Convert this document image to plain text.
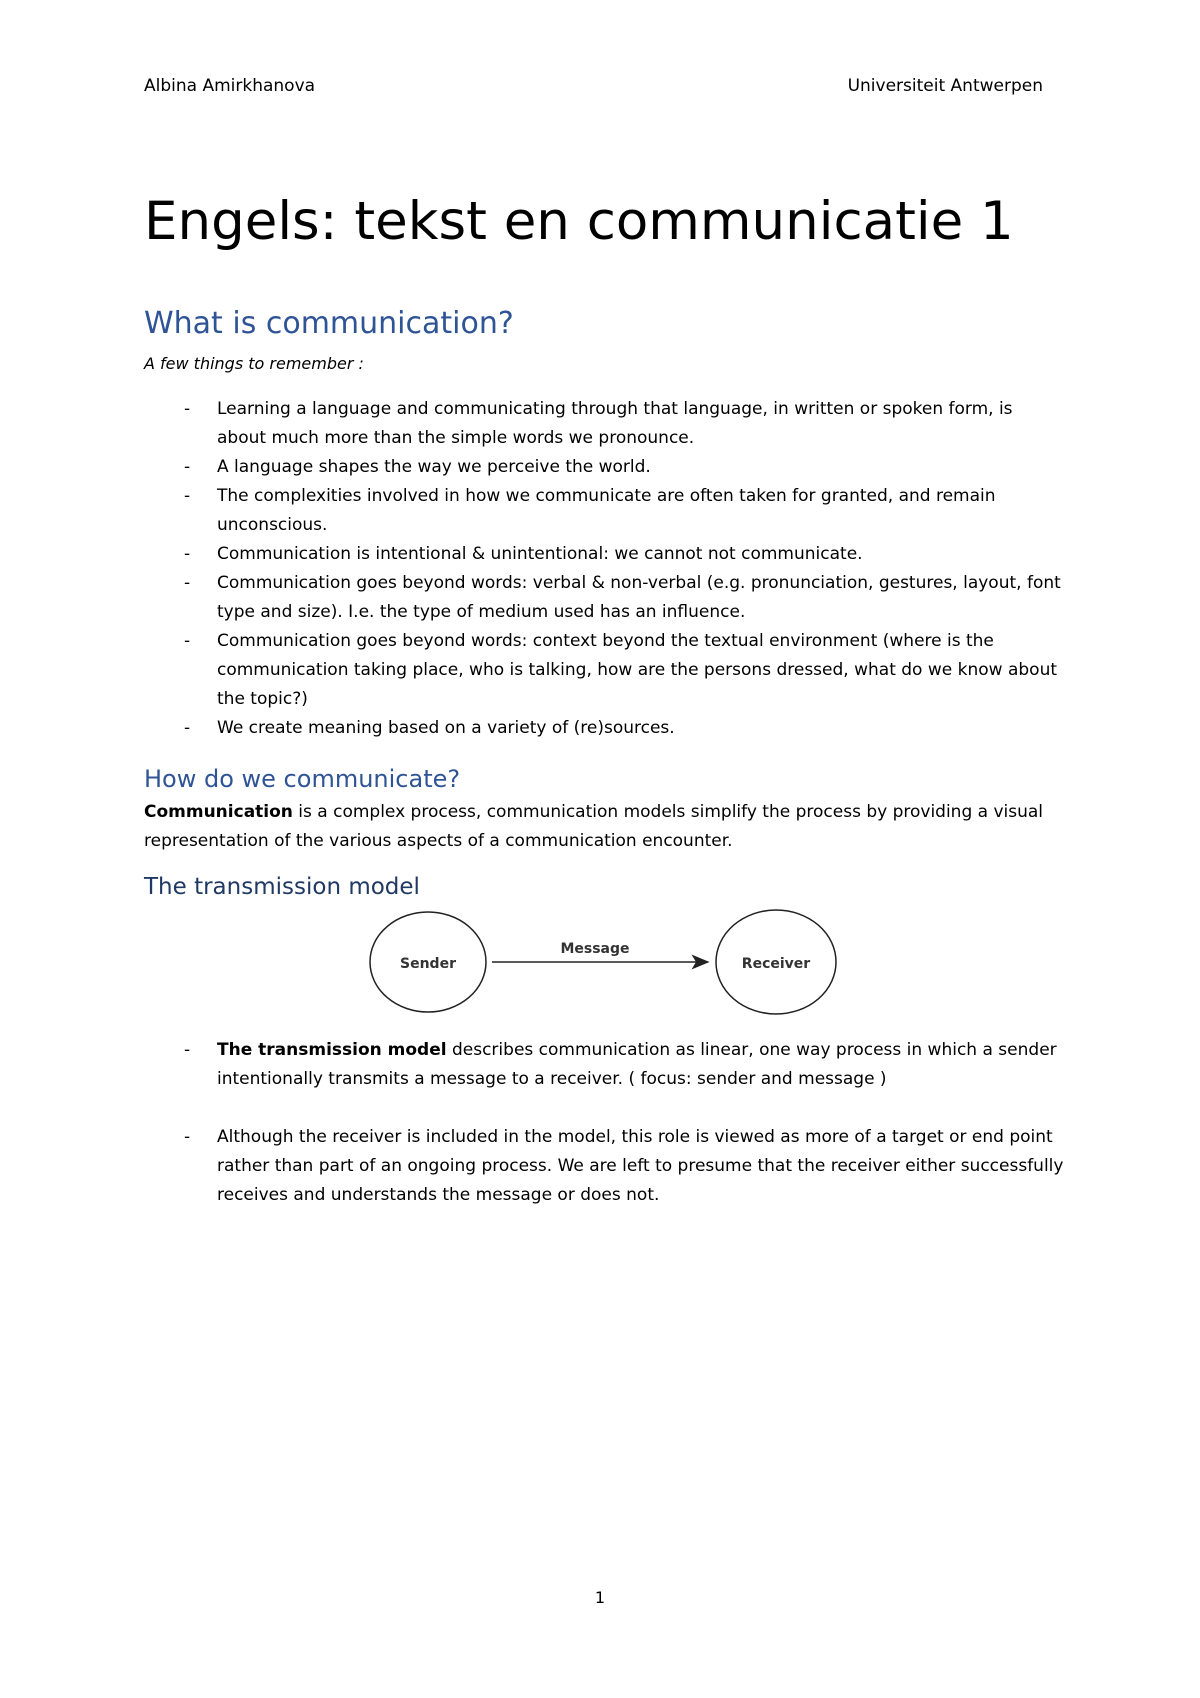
Albina Amirkhanova	Universiteit Antwerpen
Engels: tekst en communicatie 1
What is communication?

A few things to remember :

- Learning a language and communicating through that language, in written or spoken form, is about much more than the simple words we pronounce.
- A language shapes the way we perceive the world.
- The complexities involved in how we communicate are often taken for granted, and remain unconscious.
- Communication is intentional & unintentional: we cannot not communicate.
- Communication goes beyond words: verbal & non-verbal (e.g. pronunciation, gestures, layout, font type and size). I.e. the type of medium used has an influence.
- Communication goes beyond words: context beyond the textual environment (where is the communication taking place, who is talking, how are the persons dressed, what do we know about the topic?)
- We create meaning based on a variety of (re)sources.
How do we communicate?

Communication is a complex process, communication models simplify the process by providing a visual representation of the various aspects of a communication encounter.

The transmission model
Sender
Message
Receiver
- The transmission model describes communication as linear, one way process in which a sender intentionally transmits a message to a receiver. ( focus: sender and message )
- Although the receiver is included in the model, this role is viewed as more of a target or end point rather than part of an ongoing process. We are left to presume that the receiver either successfully receives and understands the message or does not.
1
